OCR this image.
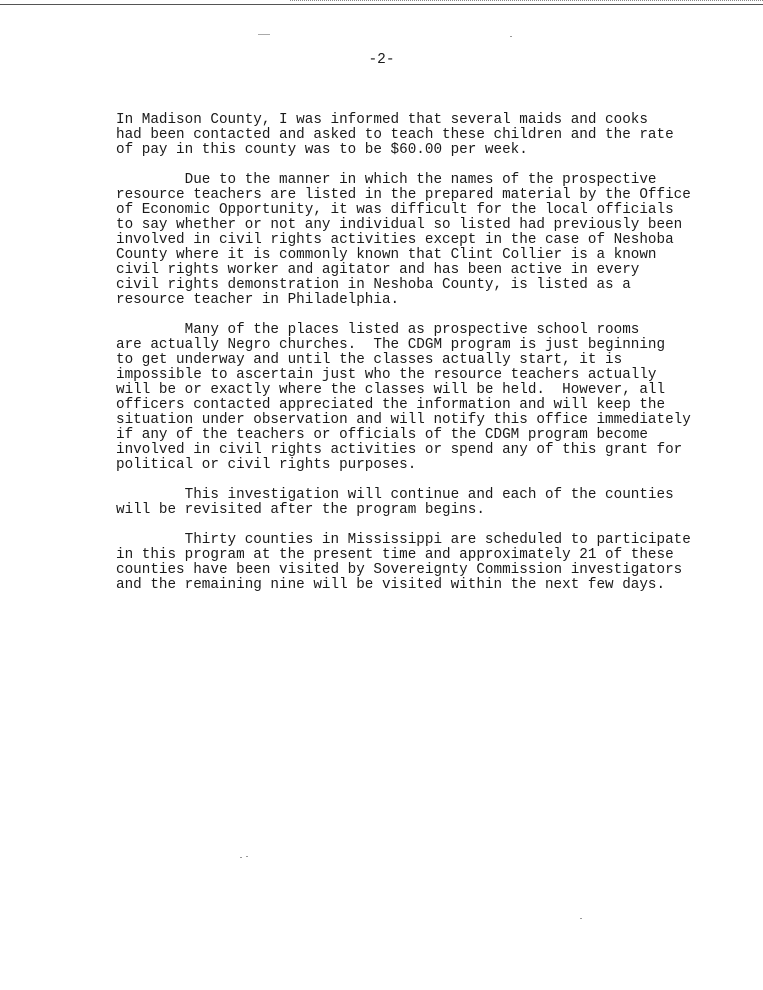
-2-

In Madison County, I was informed that several maids and cooks
had been contacted and asked to teach these children and the rate
of pay in this county was to be $60.00 per week.

Due to the manner in which the names of the prospective
resource teachers are listed in the prepared material by the Office
of Economic Opportunity, it was difficult for the local officials
to say whether or not any individual so listed had previously been
involved in civil rights activities except in the case of Neshoba
County where it is commonly known that Clint Collier is a known
civil rights worker and agitator and has been active in every
civil rights demonstration in Neshoba County, is listed as a
resource teacher in Philadelphia.

Many of the places listed as prospective school rooms
are actually Negro churches.  The CDGM program is just beginning
to get underway and until the classes actually start, it is
impossible to ascertain just who the resource teachers actually
will be or exactly where the classes will be held.  However, all
officers contacted appreciated the information and will keep the
situation under observation and will notify this office immediately
if any of the teachers or officials of the CDGM program become
involved in civil rights activities or spend any of this grant for
political or civil rights purposes.

This investigation will continue and each of the counties
will be revisited after the program begins.

Thirty counties in Mississippi are scheduled to participate
in this program at the present time and approximately 21 of these
counties have been visited by Sovereignty Commission investigators
and the remaining nine will be visited within the next few days.
